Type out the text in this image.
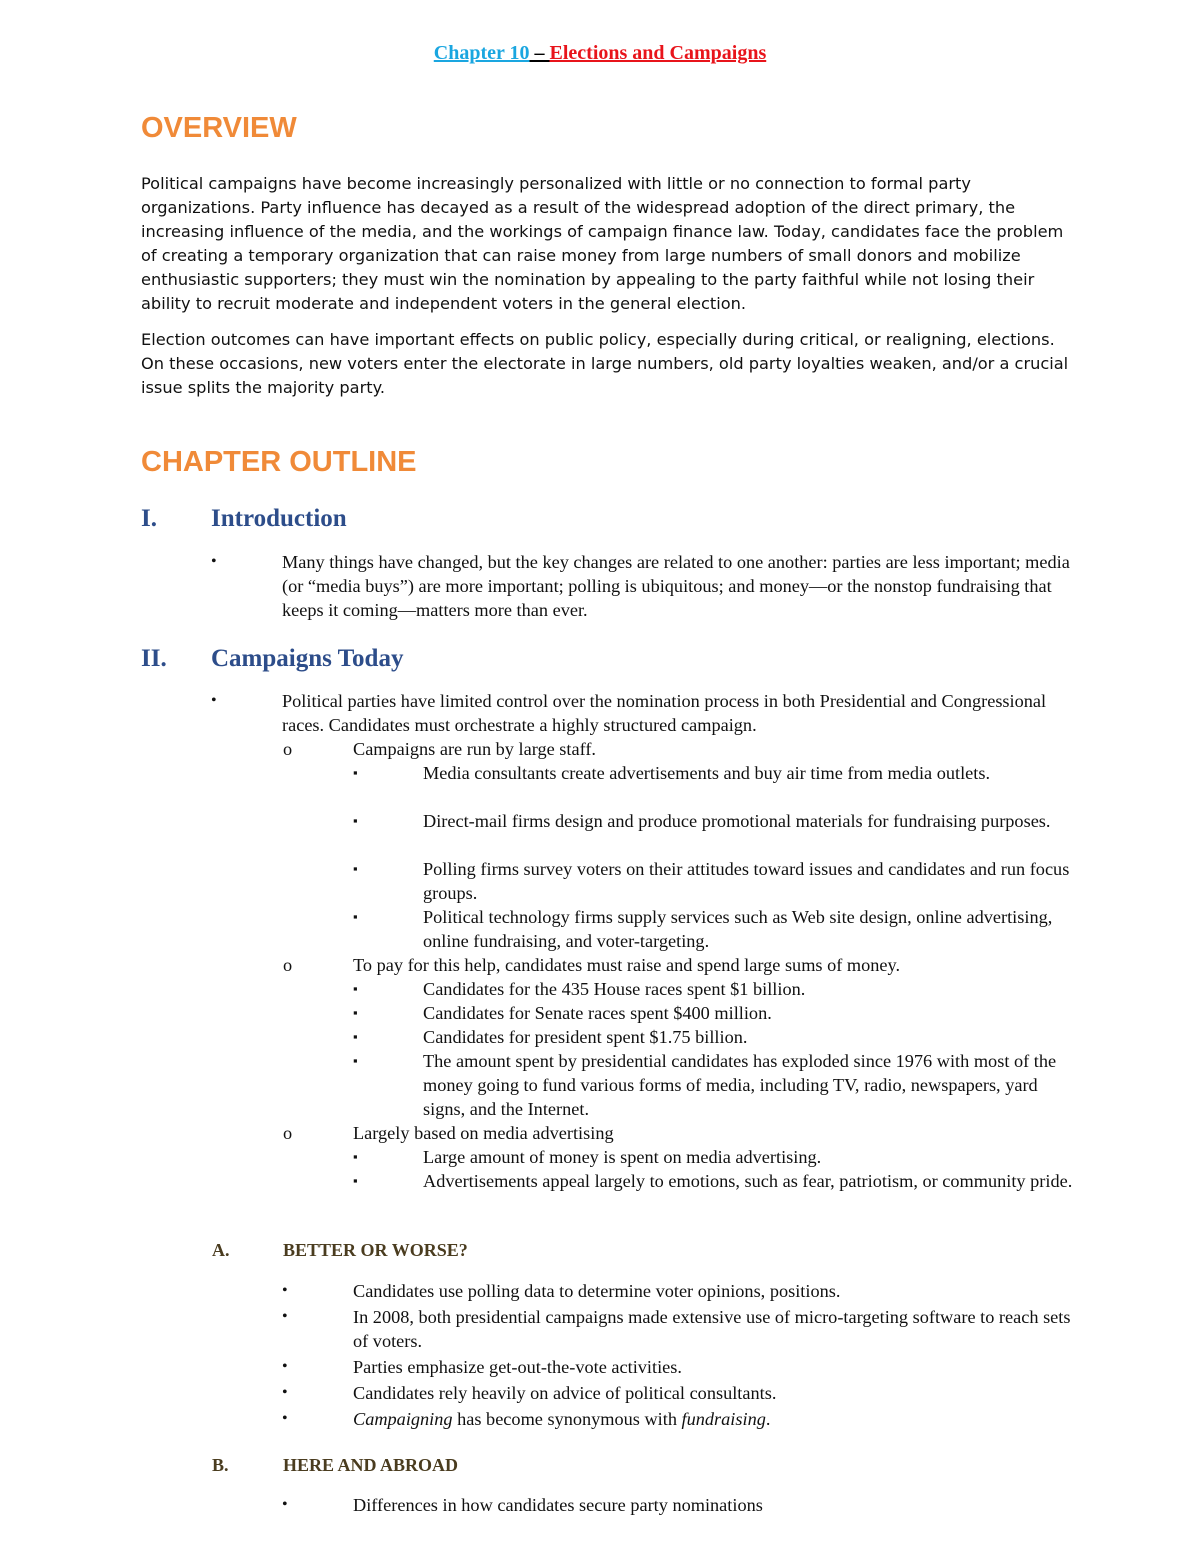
Chapter 10 – Elections and Campaigns
OVERVIEW

Political campaigns have become increasingly personalized with little or no connection to formal party organizations. Party influence has decayed as a result of the widespread adoption of the direct primary, the increasing influence of the media, and the workings of campaign finance law. Today, candidates face the problem of creating a temporary organization that can raise money from large numbers of small donors and mobilize enthusiastic supporters; they must win the nomination by appealing to the party faithful while not losing their ability to recruit moderate and independent voters in the general election.

Election outcomes can have important effects on public policy, especially during critical, or realigning, elections. On these occasions, new voters enter the electorate in large numbers, old party loyalties weaken, and/or a crucial issue splits the majority party.

CHAPTER OUTLINE
I. Introduction
•	Many things have changed, but the key changes are related to one another: parties are less important; media (or “media buys”) are more important; polling is ubiquitous; and money—or the nonstop fundraising that keeps it coming—matters more than ever.
II. Campaigns Today
•	Political parties have limited control over the nomination process in both Presidential and Congressional races. Candidates must orchestrate a highly structured campaign.
o	Campaigns are run by large staff.
▪	Media consultants create advertisements and buy air time from media outlets.
▪	Direct-mail firms design and produce promotional materials for fundraising purposes.
▪	Polling firms survey voters on their attitudes toward issues and candidates and run focus groups.
▪	Political technology firms supply services such as Web site design, online advertising, online fundraising, and voter-targeting.
o	To pay for this help, candidates must raise and spend large sums of money.
▪	Candidates for the 435 House races spent $1 billion.
▪	Candidates for Senate races spent $400 million.
▪	Candidates for president spent $1.75 billion.
▪	The amount spent by presidential candidates has exploded since 1976 with most of the money going to fund various forms of media, including TV, radio, newspapers, yard signs, and the Internet.
o	Largely based on media advertising
▪	Large amount of money is spent on media advertising.
▪	Advertisements appeal largely to emotions, such as fear, patriotism, or community pride.
A.	BETTER OR WORSE?
•	Candidates use polling data to determine voter opinions, positions.
•	In 2008, both presidential campaigns made extensive use of micro-targeting software to reach sets of voters.
•	Parties emphasize get-out-the-vote activities.
•	Candidates rely heavily on advice of political consultants.
•	Campaigning has become synonymous with fundraising.
B.	HERE AND ABROAD
•	Differences in how candidates secure party nominations
